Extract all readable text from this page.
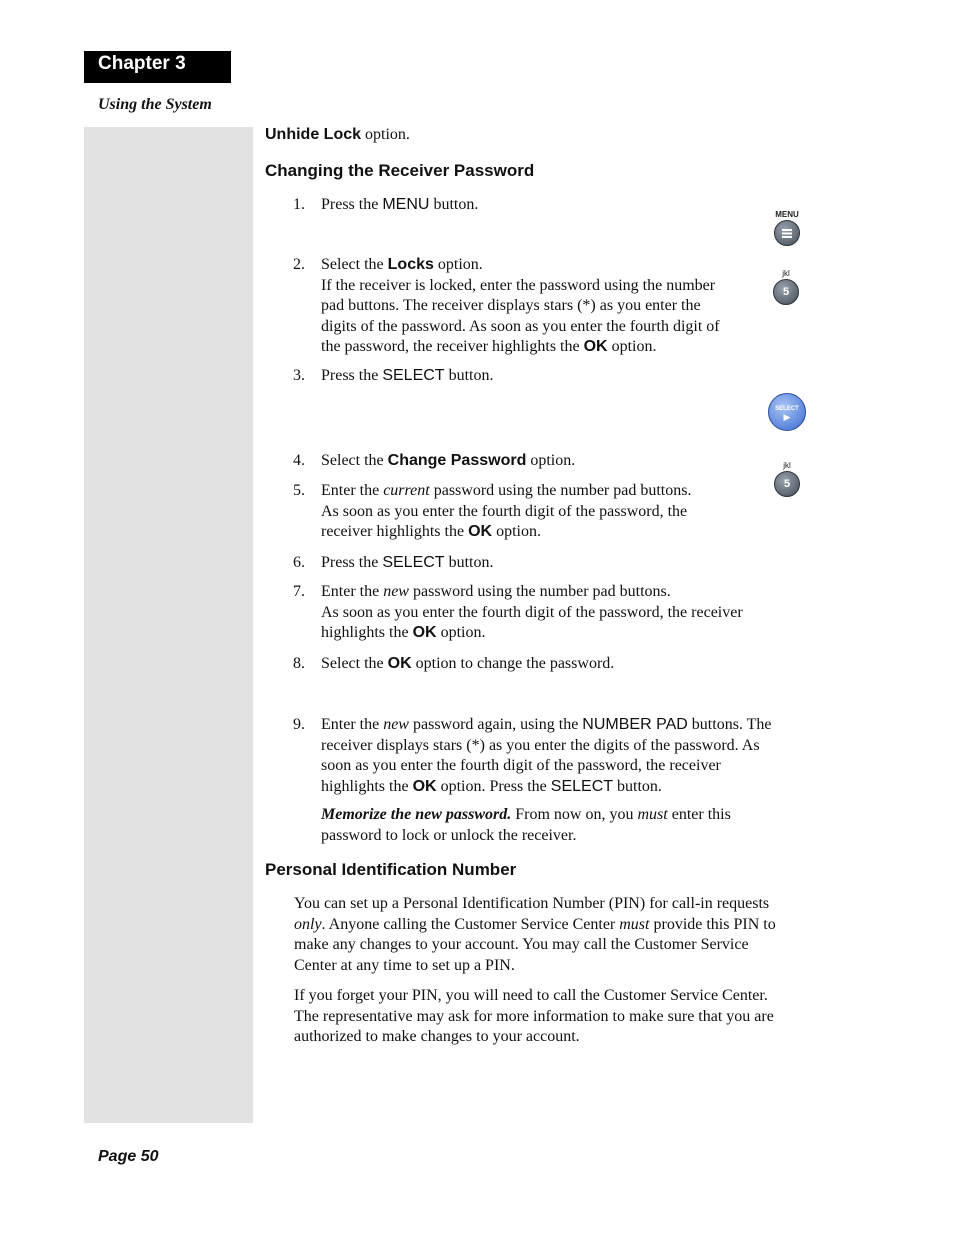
Chapter 3
Using the System
Unhide Lock option.
Changing the Receiver Password
1.	Press the MENU button.
2.	Select the Locks option.
If the receiver is locked, enter the password using the number
pad buttons. The receiver displays stars (*) as you enter the
digits of the password. As soon as you enter the fourth digit of
the password, the receiver highlights the OK option.
3.	Press the SELECT button.
4.	Select the Change Password option.
5.	Enter the current password using the number pad buttons.
As soon as you enter the fourth digit of the password, the
receiver highlights the OK option.
6.	Press the SELECT button.
7.	Enter the new password using the number pad buttons.
As soon as you enter the fourth digit of the password, the receiver
highlights the OK option.
8.	Select the OK option to change the password.
9.	Enter the new password again, using the NUMBER PAD buttons. The
receiver displays stars (*) as you enter the digits of the password. As
soon as you enter the fourth digit of the password, the receiver
highlights the OK option. Press the SELECT button.
Memorize the new password. From now on, you must enter this
password to lock or unlock the receiver.
Personal Identification Number
You can set up a Personal Identification Number (PIN) for call-in requests
only. Anyone calling the Customer Service Center must provide this PIN to
make any changes to your account. You may call the Customer Service
Center at any time to set up a PIN.
If you forget your PIN, you will need to call the Customer Service Center.
The representative may ask for more information to make sure that you are
authorized to make changes to your account.
MENU
jkl
5
SELECT
▶
jkl
5
Page 50
